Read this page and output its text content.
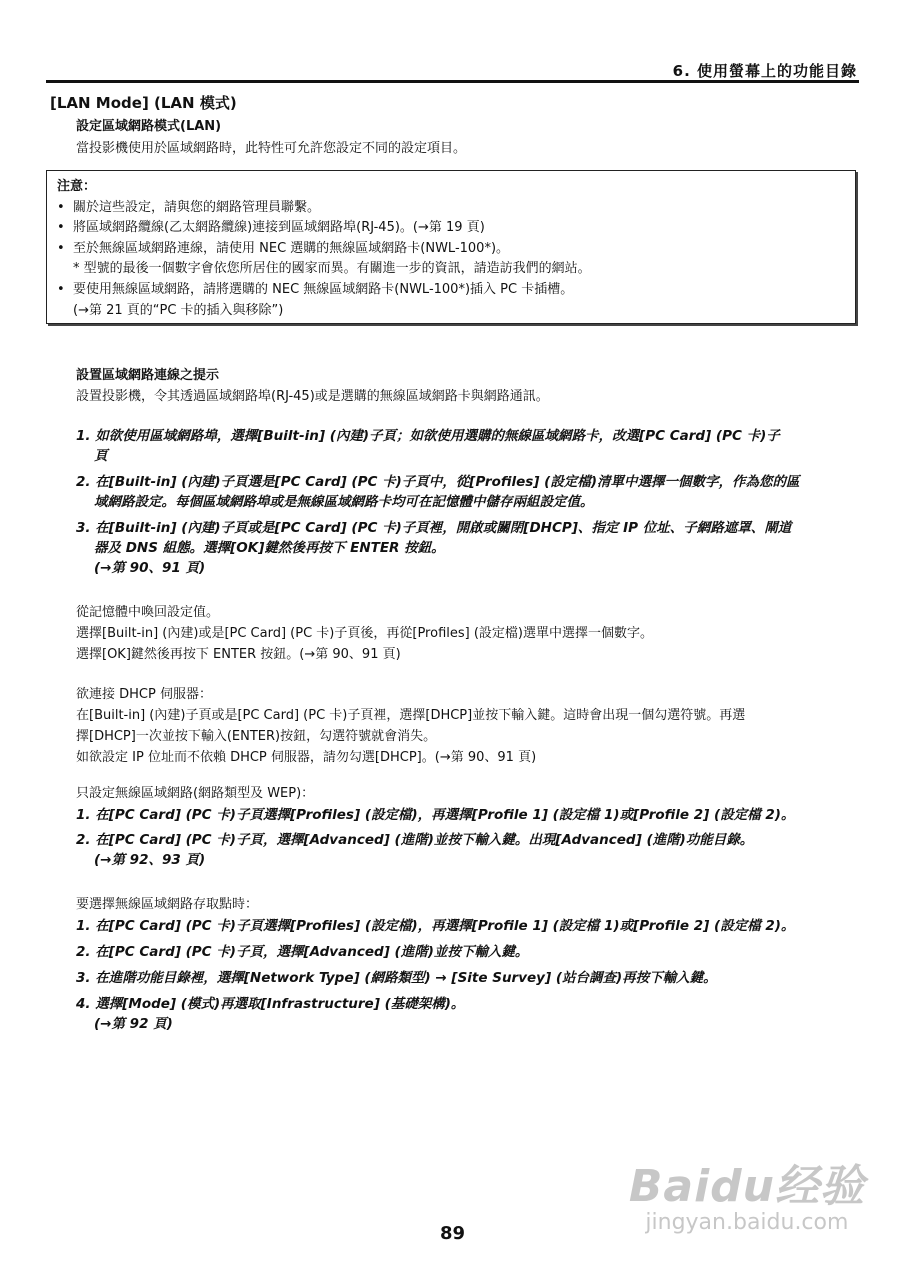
6. 使用螢幕上的功能目錄
[LAN Mode] (LAN 模式)
設定區域網路模式(LAN)
當投影機使用於區域網路時，此特性可允許您設定不同的設定項目。
注意：
• 關於這些設定，請與您的網路管理員聯繫。
• 將區域網路纜線(乙太網路纜線)連接到區域網路埠(RJ-45)。(→第 19 頁)
• 至於無線區域網路連線，請使用 NEC 選購的無線區域網路卡(NWL-100*)。
* 型號的最後一個數字會依您所居住的國家而異。有關進一步的資訊，請造訪我們的網站。
• 要使用無線區域網路，請將選購的 NEC 無線區域網路卡(NWL-100*)插入 PC 卡插槽。
(→第 21 頁的“PC 卡的插入與移除”)
設置區域網路連線之提示
設置投影機，令其透過區域網路埠(RJ-45)或是選購的無線區域網路卡與網路通訊。
1. 如欲使用區域網路埠，選擇[Built-in] (內建)子頁；如欲使用選購的無線區域網路卡，改選[PC Card] (PC 卡)子
頁
2. 在[Built-in] (內建)子頁選是[PC Card] (PC 卡)子頁中，從[Profiles] (設定檔)清單中選擇一個數字，作為您的區
域網路設定。每個區域網路埠或是無線區域網路卡均可在記憶體中儲存兩組設定值。
3. 在[Built-in] (內建)子頁或是[PC Card] (PC 卡)子頁裡，開啟或關閉[DHCP]、指定 IP 位址、子網路遮罩、閘道
器及 DNS 組態。選擇[OK]鍵然後再按下 ENTER 按鈕。
(→第 90、91 頁)
從記憶體中喚回設定值。
選擇[Built-in] (內建)或是[PC Card] (PC 卡)子頁後，再從[Profiles] (設定檔)選單中選擇一個數字。
選擇[OK]鍵然後再按下 ENTER 按鈕。(→第 90、91 頁)
欲連接 DHCP 伺服器：
在[Built-in] (內建)子頁或是[PC Card] (PC 卡)子頁裡，選擇[DHCP]並按下輸入鍵。這時會出現一個勾選符號。再選
擇[DHCP]一次並按下輸入(ENTER)按鈕，勾選符號就會消失。
如欲設定 IP 位址而不依賴 DHCP 伺服器，請勿勾選[DHCP]。(→第 90、91 頁)
只設定無線區域網路(網路類型及 WEP)：
1. 在[PC Card] (PC 卡)子頁選擇[Profiles] (設定檔)，再選擇[Profile 1] (設定檔 1)或[Profile 2] (設定檔 2)。
2. 在[PC Card] (PC 卡)子頁，選擇[Advanced] (進階)並按下輸入鍵。出現[Advanced] (進階)功能目錄。
(→第 92、93 頁)
要選擇無線區域網路存取點時：
1. 在[PC Card] (PC 卡)子頁選擇[Profiles] (設定檔)，再選擇[Profile 1] (設定檔 1)或[Profile 2] (設定檔 2)。
2. 在[PC Card] (PC 卡)子頁，選擇[Advanced] (進階)並按下輸入鍵。
3. 在進階功能目錄裡，選擇[Network Type] (網路類型) → [Site Survey] (站台調查)再按下輸入鍵。
4. 選擇[Mode] (模式)再選取[Infrastructure] (基礎架構)。
(→第 92 頁)
Baidu经验
jingyan.baidu.com
89
